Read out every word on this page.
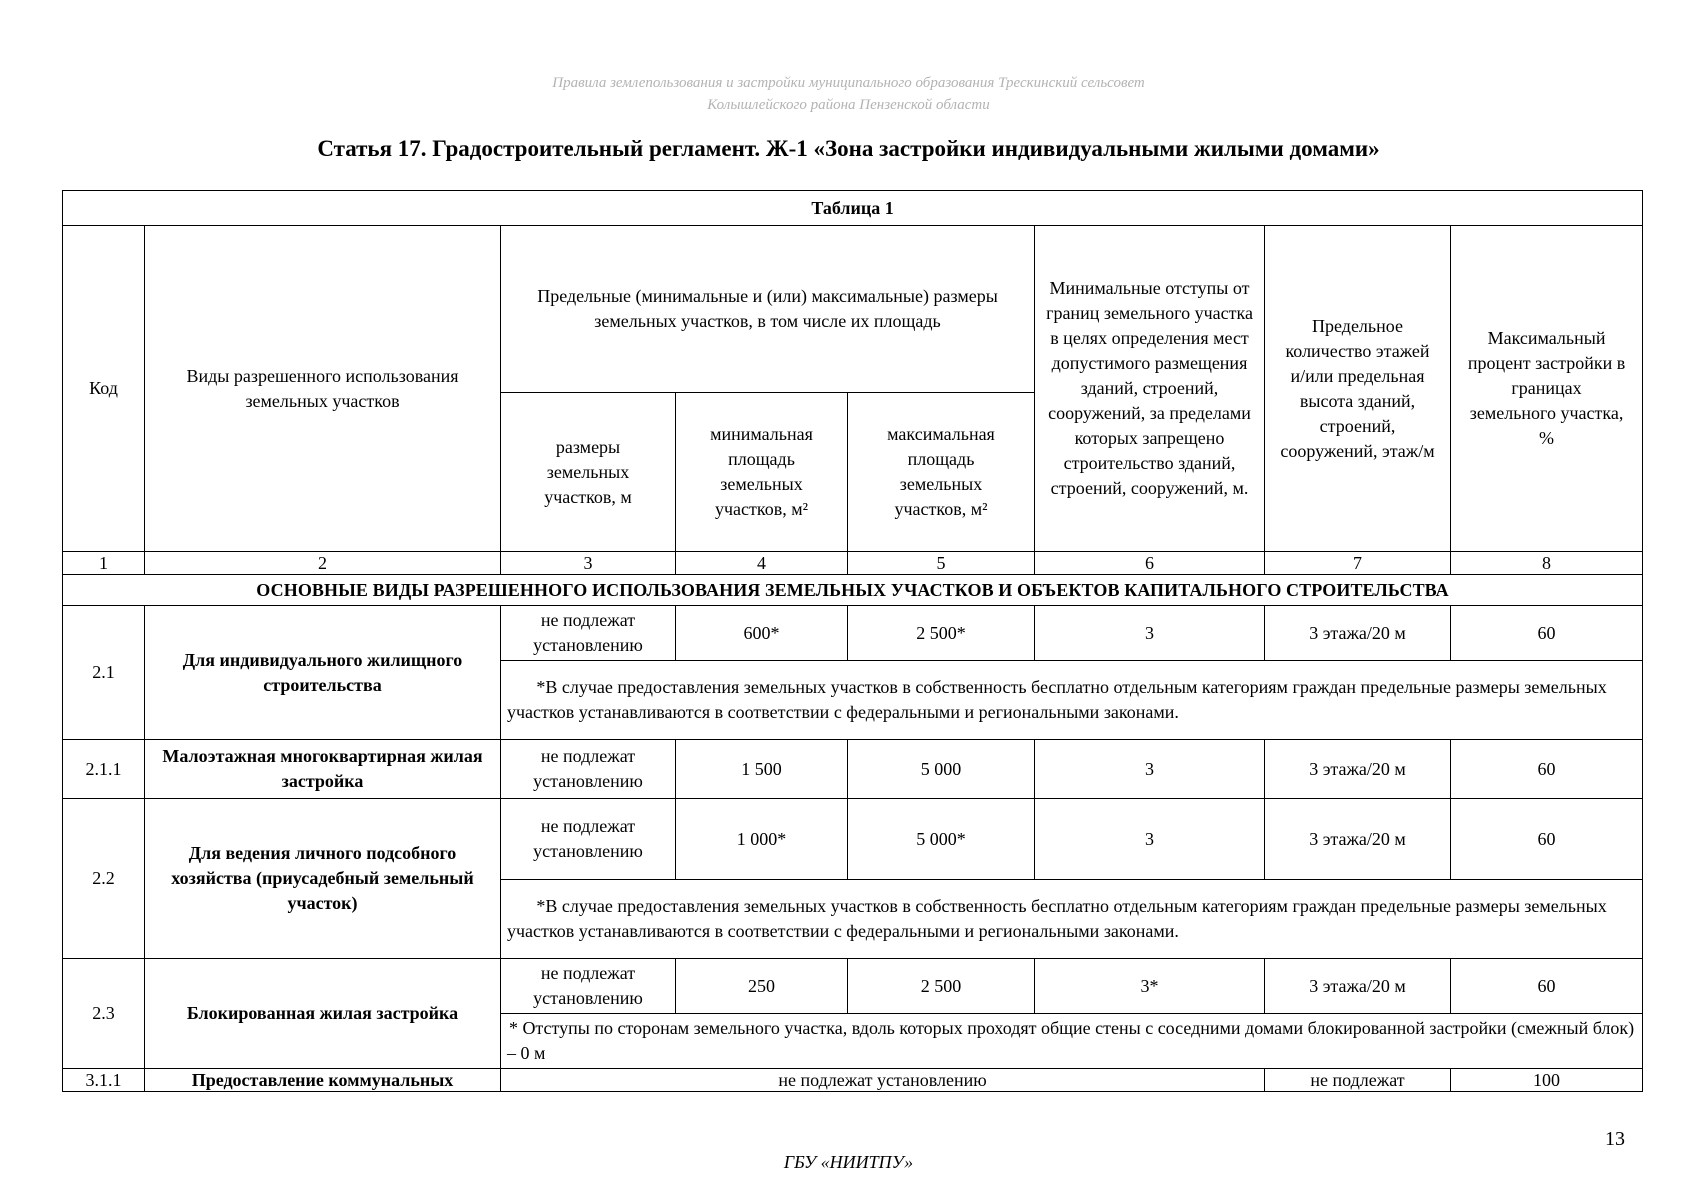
Правила землепользования и застройки муниципального образования Трескинский сельсовет
Колышлейского района Пензенской области
Статья 17. Градостроительный регламент. Ж-1 «Зона застройки индивидуальными жилыми домами»
Таблица 1							
Код	Виды разрешенного использования земельных участков	Предельные (минимальные и (или) максимальные) размеры земельных участков, в том числе их площадь			Минимальные отступы от границ земельного участка в целях определения мест допустимого размещения зданий, строений, сооружений, за пределами которых запрещено строительство зданий, строений, сооружений, м.	Предельное количество этажей и/или предельная высота зданий, строений, сооружений, этаж/м	Максимальный процент застройки в границах земельного участка, %
		размеры земельных участков, м	минимальная площадь земельных участков, м²	максимальная площадь земельных участков, м²			
1	2	3	4	5	6	7	8
ОСНОВНЫЕ ВИДЫ РАЗРЕШЕННОГО ИСПОЛЬЗОВАНИЯ ЗЕМЕЛЬНЫХ УЧАСТКОВ И ОБЪЕКТОВ КАПИТАЛЬНОГО СТРОИТЕЛЬСТВА							
2.1	Для индивидуального жилищного строительства	не подлежат установлению	600*	2 500*	3	3 этажа/20 м	60
		*В случае предоставления земельных участков в собственность бесплатно отдельным категориям граждан предельные размеры земельных участков устанавливаются в соответствии с федеральными и региональными законами.					
2.1.1	Малоэтажная многоквартирная жилая застройка	не подлежат установлению	1 500	5 000	3	3 этажа/20 м	60
2.2	Для ведения личного подсобного хозяйства (приусадебный земельный участок)	не подлежат установлению	1 000*	5 000*	3	3 этажа/20 м	60
		*В случае предоставления земельных участков в собственность бесплатно отдельным категориям граждан предельные размеры земельных участков устанавливаются в соответствии с федеральными и региональными законами.					
2.3	Блокированная жилая застройка	не подлежат установлению	250	2 500	3*	3 этажа/20 м	60
		* Отступы по сторонам земельного участка, вдоль которых проходят общие стены с соседними домами блокированной застройки (смежный блок) – 0 м					
3.1.1	Предоставление коммунальных	не подлежат установлению				не подлежат	100
13
ГБУ «НИИТПУ»
